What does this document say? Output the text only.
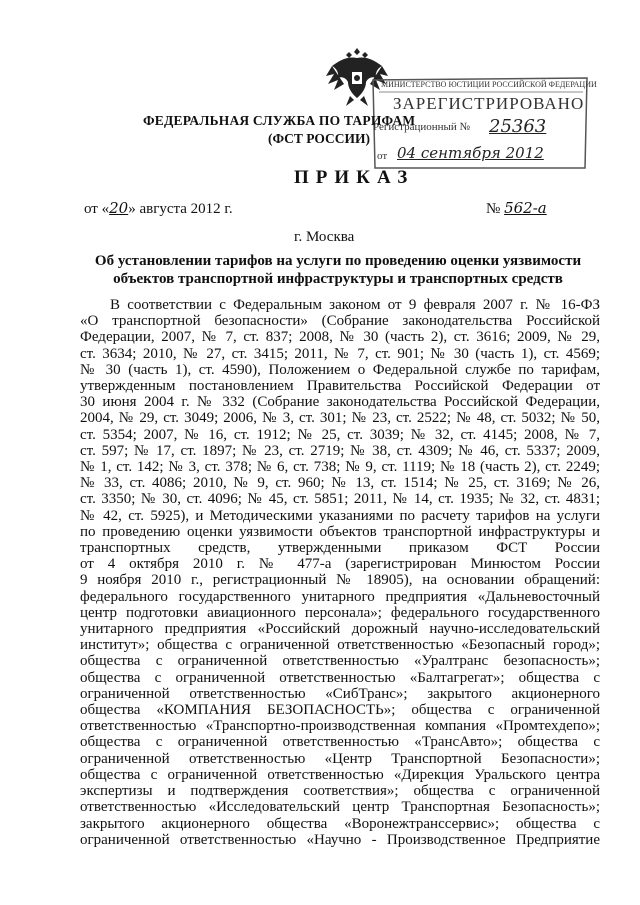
МИНИСТЕРСТВО ЮСТИЦИИ РОССИЙСКОЙ ФЕДЕРАЦИИ
ЗАРЕГИСТРИРОВАНО
Регистрационный № 25363
от 04 сентября 2012
ФЕДЕРАЛЬНАЯ СЛУЖБА ПО ТАРИФАМ
(ФСТ РОССИИ)
ПРИКАЗ
от «20» августа 2012 г.	№ 562-а
г. Москва
Об установлении тарифов на услуги по проведению оценки уязвимости
объектов транспортной инфраструктуры и транспортных средств
В соответствии с Федеральным законом от 9 февраля 2007 г. № 16-ФЗ
«О транспортной безопасности» (Собрание законодательства Российской
Федерации, 2007, № 7, ст. 837; 2008, № 30 (часть 2), ст. 3616; 2009, № 29,
ст. 3634; 2010, № 27, ст. 3415; 2011, № 7, ст. 901; № 30 (часть 1), ст. 4569;
№ 30 (часть 1), ст. 4590), Положением о Федеральной службе по тарифам,
утвержденным постановлением Правительства Российской Федерации от
30 июня 2004 г. № 332 (Собрание законодательства Российской Федерации,
2004, № 29, ст. 3049; 2006, № 3, ст. 301; № 23, ст. 2522; № 48, ст. 5032; № 50,
ст. 5354; 2007, № 16, ст. 1912; № 25, ст. 3039; № 32, ст. 4145; 2008, № 7,
ст. 597; № 17, ст. 1897; № 23, ст. 2719; № 38, ст. 4309; № 46, ст. 5337; 2009,
№ 1, ст. 142; № 3, ст. 378; № 6, ст. 738; № 9, ст. 1119; № 18 (часть 2), ст. 2249;
№ 33, ст. 4086; 2010, № 9, ст. 960; № 13, ст. 1514; № 25, ст. 3169; № 26,
ст. 3350; № 30, ст. 4096; № 45, ст. 5851; 2011, № 14, ст. 1935; № 32, ст. 4831;
№ 42, ст. 5925), и Методическими указаниями по расчету тарифов на услуги
по проведению оценки уязвимости объектов транспортной инфраструктуры и
транспортных средств, утвержденными приказом ФСТ России
от 4 октября 2010 г. № 477-а (зарегистрирован Минюстом России
9 ноября 2010 г., регистрационный № 18905), на основании обращений:
федерального государственного унитарного предприятия «Дальневосточный
центр подготовки авиационного персонала»; федерального государственного
унитарного предприятия «Российский дорожный научно-исследовательский
институт»; общества с ограниченной ответственностью «Безопасный город»;
общества с ограниченной ответственностью «Уралтранс безопасность»;
общества с ограниченной ответственностью «Балтагрегат»; общества с
ограниченной ответственностью «СибТранс»; закрытого акционерного
общества «КОМПАНИЯ БЕЗОПАСНОСТЬ»; общества с ограниченной
ответственностью «Транспортно-производственная компания «Промтехдепо»;
общества с ограниченной ответственностью «ТрансАвто»; общества с
ограниченной ответственностью «Центр Транспортной Безопасности»;
общества с ограниченной ответственностью «Дирекция Уральского центра
экспертизы и подтверждения соответствия»; общества с ограниченной
ответственностью «Исследовательский центр Транспортная Безопасность»;
закрытого акционерного общества «Воронежтранссервис»; общества с
ограниченной ответственностью «Научно - Производственное Предприятие
